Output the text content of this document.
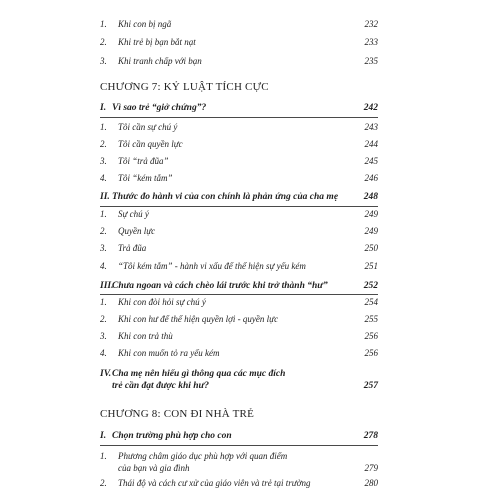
1. Khi con bị ngã	232
2. Khi trẻ bị bạn bắt nạt	233
3. Khi tranh chấp với bạn	235
CHƯƠNG 7: KỶ LUẬT TÍCH CỰC
I. Vì sao trẻ “giở chứng”?	242
1. Tôi cần sự chú ý	243
2. Tôi cần quyền lực	244
3. Tôi “trả đũa”	245
4. Tôi “kém tắm”	246
II. Thước đo hành vi của con chính là phản ứng của cha mẹ	248
1. Sự chú ý	249
2. Quyền lực	249
3. Trả đũa	250
4. “Tôi kém tắm” - hành vi xấu để thể hiện sự yếu kém	251
III.
Chưa ngoan và cách chèo lái trước khi trở thành “hư”	252
1. Khi con đòi hỏi sự chú ý	254
2. Khi con hư để thể hiện quyền lợi - quyền lực	255
3. Khi con trả thù	256
4. Khi con muốn tỏ ra yếu kém	256
IV. Cha mẹ nên hiểu gì thông qua các mục đích
trẻ cần đạt được khi hư?	257
CHƯƠNG 8: CON ĐI NHÀ TRẺ
I. Chọn trường phù hợp cho con	278
1. Phương châm giáo dục phù hợp với quan điểm
của bạn và gia đình	279
2. Thái độ và cách cư xử của giáo viên và trẻ tại trường	280
